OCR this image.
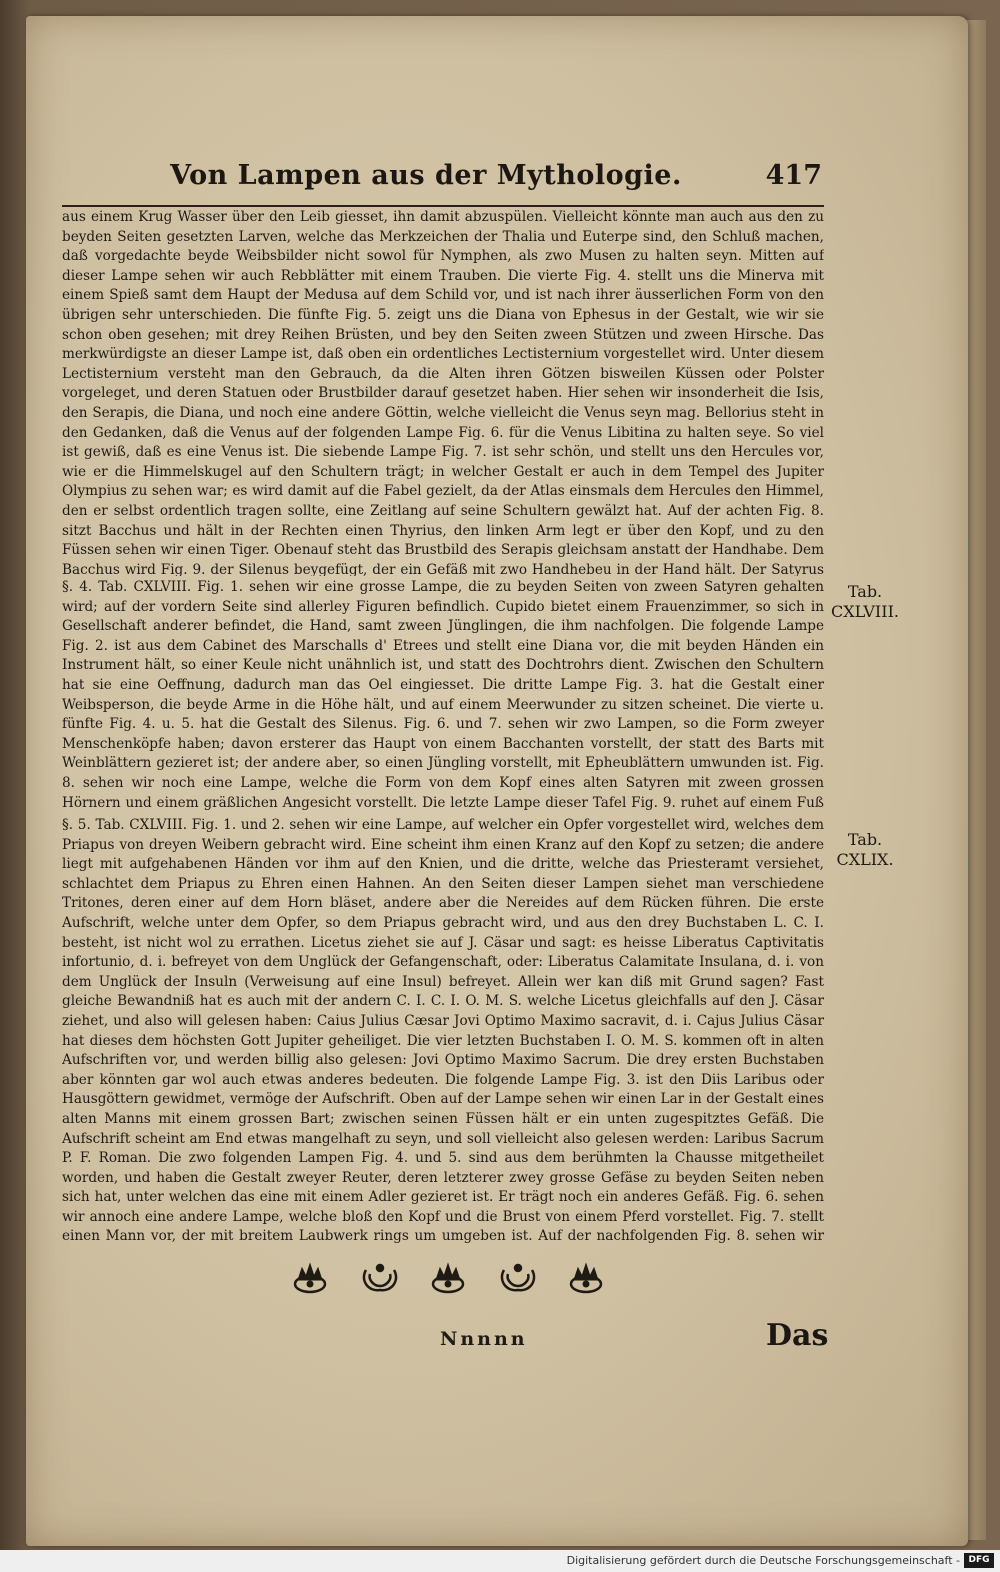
Von Lampen aus der Mythologie.	417
aus einem Krug Wasser über den Leib giesset, ihn damit abzuspülen. Vielleicht könnte man auch aus den zu beyden Seiten gesetzten Larven, welche das Merkzeichen der Thalia und Euterpe sind, den Schluß machen, daß vorgedachte beyde Weibsbilder nicht sowol für Nymphen, als zwo Musen zu halten seyn. Mitten auf dieser Lampe sehen wir auch Rebblätter mit einem Trauben. Die vierte Fig. 4. stellt uns die Minerva mit einem Spieß samt dem Haupt der Medusa auf dem Schild vor, und ist nach ihrer äusserlichen Form von den übrigen sehr unterschieden. Die fünfte Fig. 5. zeigt uns die Diana von Ephesus in der Gestalt, wie wir sie schon oben gesehen; mit drey Reihen Brüsten, und bey den Seiten zween Stützen und zween Hirsche. Das merkwürdigste an dieser Lampe ist, daß oben ein ordentliches Lectisternium vorgestellet wird. Unter diesem Lectisternium versteht man den Gebrauch, da die Alten ihren Götzen bisweilen Küssen oder Polster vorgeleget, und deren Statuen oder Brustbilder darauf gesetzet haben. Hier sehen wir insonderheit die Isis, den Serapis, die Diana, und noch eine andere Göttin, welche vielleicht die Venus seyn mag. Bellorius steht in den Gedanken, daß die Venus auf der folgenden Lampe Fig. 6. für die Venus Libitina zu halten seye. So viel ist gewiß, daß es eine Venus ist. Die siebende Lampe Fig. 7. ist sehr schön, und stellt uns den Hercules vor, wie er die Himmelskugel auf den Schultern trägt; in welcher Gestalt er auch in dem Tempel des Jupiter Olympius zu sehen war; es wird damit auf die Fabel gezielt, da der Atlas einsmals dem Hercules den Himmel, den er selbst ordentlich tragen sollte, eine Zeitlang auf seine Schultern gewälzt hat. Auf der achten Fig. 8. sitzt Bacchus und hält in der Rechten einen Thyrius, den linken Arm legt er über den Kopf, und zu den Füssen sehen wir einen Tiger. Obenauf steht das Brustbild des Serapis gleichsam anstatt der Handhabe. Dem Bacchus wird Fig. 9. der Silenus beygefügt, der ein Gefäß mit zwo Handhebeu in der Hand hält. Der Satyrus
§. 4. Tab. CXLVIII. Fig. 1. sehen wir eine grosse Lampe, die zu beyden Seiten von zween Satyren gehalten wird; auf der vordern Seite sind allerley Figuren befindlich. Cupido bietet einem Frauenzimmer, so sich in Gesellschaft anderer befindet, die Hand, samt zween Jünglingen, die ihm nachfolgen. Die folgende Lampe Fig. 2. ist aus dem Cabinet des Marschalls d' Etrees und stellt eine Diana vor, die mit beyden Händen ein Instrument hält, so einer Keule nicht unähnlich ist, und statt des Dochtrohrs dient. Zwischen den Schultern hat sie eine Oeffnung, dadurch man das Oel eingiesset. Die dritte Lampe Fig. 3. hat die Gestalt einer Weibsperson, die beyde Arme in die Höhe hält, und auf einem Meerwunder zu sitzen scheinet. Die vierte u. fünfte Fig. 4. u. 5. hat die Gestalt des Silenus. Fig. 6. und 7. sehen wir zwo Lampen, so die Form zweyer Menschenköpfe haben; davon ersterer das Haupt von einem Bacchanten vorstellt, der statt des Barts mit Weinblättern gezieret ist; der andere aber, so einen Jüngling vorstellt, mit Epheublättern umwunden ist. Fig. 8. sehen wir noch eine Lampe, welche die Form von dem Kopf eines alten Satyren mit zween grossen Hörnern und einem gräßlichen Angesicht vorstellt. Die letzte Lampe dieser Tafel Fig. 9. ruhet auf einem Fuß
§. 5. Tab. CXLVIII. Fig. 1. und 2. sehen wir eine Lampe, auf welcher ein Opfer vorgestellet wird, welches dem Priapus von dreyen Weibern gebracht wird. Eine scheint ihm einen Kranz auf den Kopf zu setzen; die andere liegt mit aufgehabenen Händen vor ihm auf den Knien, und die dritte, welche das Priesteramt versiehet, schlachtet dem Priapus zu Ehren einen Hahnen. An den Seiten dieser Lampen siehet man verschiedene Tritones, deren einer auf dem Horn bläset, andere aber die Nereides auf dem Rücken führen. Die erste Aufschrift, welche unter dem Opfer, so dem Priapus gebracht wird, und aus den drey Buchstaben L. C. I. besteht, ist nicht wol zu errathen. Licetus ziehet sie auf J. Cäsar und sagt: es heisse Liberatus Captivitatis infortunio, d. i. befreyet von dem Unglück der Gefangenschaft, oder: Liberatus Calamitate Insulana, d. i. von dem Unglück der Insuln (Verweisung auf eine Insul) befreyet. Allein wer kan diß mit Grund sagen? Fast gleiche Bewandniß hat es auch mit der andern C. I. C. I. O. M. S. welche Licetus gleichfalls auf den J. Cäsar ziehet, und also will gelesen haben: Caius Julius Cæsar Jovi Optimo Maximo sacravit, d. i. Cajus Julius Cäsar hat dieses dem höchsten Gott Jupiter geheiliget. Die vier letzten Buchstaben I. O. M. S. kommen oft in alten Aufschriften vor, und werden billig also gelesen: Jovi Optimo Maximo Sacrum. Die drey ersten Buchstaben aber könnten gar wol auch etwas anderes bedeuten. Die folgende Lampe Fig. 3. ist den Diis Laribus oder Hausgöttern gewidmet, vermöge der Aufschrift. Oben auf der Lampe sehen wir einen Lar in der Gestalt eines alten Manns mit einem grossen Bart; zwischen seinen Füssen hält er ein unten zugespitztes Gefäß. Die Aufschrift scheint am End etwas mangelhaft zu seyn, und soll vielleicht also gelesen werden: Laribus Sacrum P. F. Roman. Die zwo folgenden Lampen Fig. 4. und 5. sind aus dem berühmten la Chausse mitgetheilet worden, und haben die Gestalt zweyer Reuter, deren letzterer zwey grosse Gefäse zu beyden Seiten neben sich hat, unter welchen das eine mit einem Adler gezieret ist. Er trägt noch ein anderes Gefäß. Fig. 6. sehen wir annoch eine andere Lampe, welche bloß den Kopf und die Brust von einem Pferd vorstellet. Fig. 7. stellt einen Mann vor, der mit breitem Laubwerk rings um umgeben ist. Auf der nachfolgenden Fig. 8. sehen wir
Tab.
CXLVIII.
Tab.
CXLIX.
Nnnnn	Das
Digitalisierung gefördert durch die Deutsche Forschungsgemeinschaft - DFG
